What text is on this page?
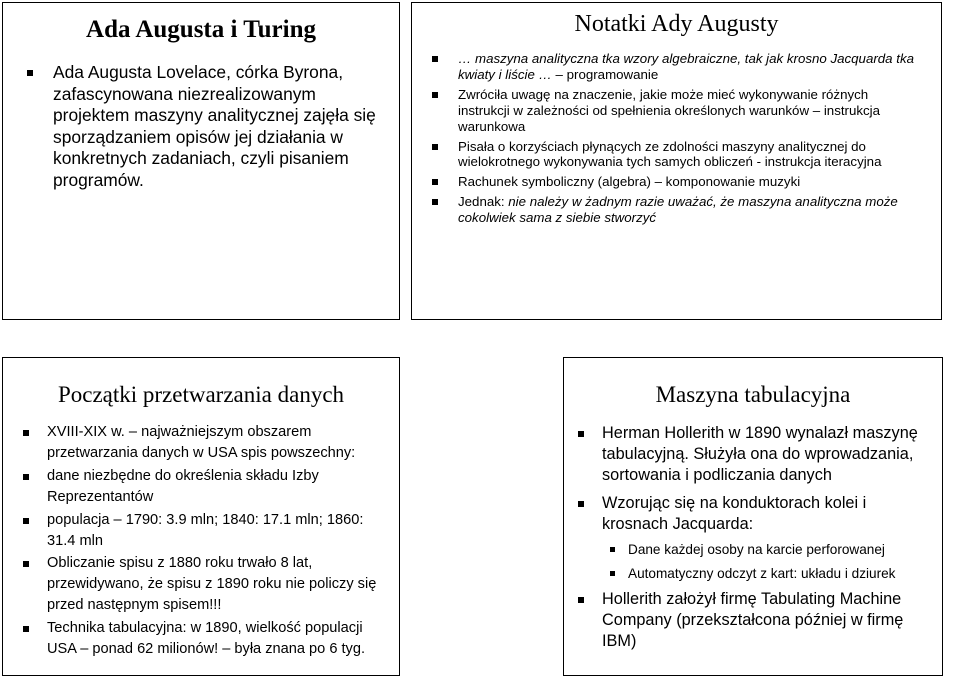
Ada Augusta i Turing
Ada Augusta Lovelace, córka Byrona, zafascynowana niezrealizowanym projektem maszyny analitycznej zajęła się sporządzaniem opisów jej działania w konkretnych zadaniach, czyli pisaniem programów.
Notatki Ady Augusty
… maszyna analityczna tka wzory algebraiczne, tak jak krosno Jacquarda tka kwiaty i liście … – programowanie
Zwróciła uwagę na znaczenie, jakie może mieć wykonywanie różnych instrukcji w zależności od spełnienia określonych warunków – instrukcja warunkowa
Pisała o korzyściach płynących ze zdolności maszyny analitycznej do wielokrotnego wykonywania tych samych obliczeń - instrukcja iteracyjna
Rachunek symboliczny (algebra) – komponowanie muzyki
Jednak: nie należy w żadnym razie uważać, że maszyna analityczna może cokolwiek sama z siebie stworzyć
Początki przetwarzania danych
XVIII-XIX w. – najważniejszym obszarem przetwarzania danych w USA spis powszechny:
dane niezbędne do określenia składu Izby Reprezentantów
populacja – 1790: 3.9 mln; 1840: 17.1 mln; 1860: 31.4 mln
Obliczanie spisu z 1880 roku trwało 8 lat, przewidywano, że spisu z 1890 roku nie policzy się przed następnym spisem!!!
Technika tabulacyjna: w 1890, wielkość populacji USA – ponad 62 milionów! – była znana po 6 tyg.
Maszyna tabulacyjna
Herman Hollerith w 1890 wynalazł maszynę tabulacyjną. Służyła ona do wprowadzania, sortowania i podliczania danych
Wzorując się na konduktorach kolei i krosnach Jacquarda:
Dane każdej osoby na karcie perforowanej
Automatyczny odczyt z kart: układu i dziurek
Hollerith założył firmę Tabulating Machine Company (przekształcona później w firmę IBM)
